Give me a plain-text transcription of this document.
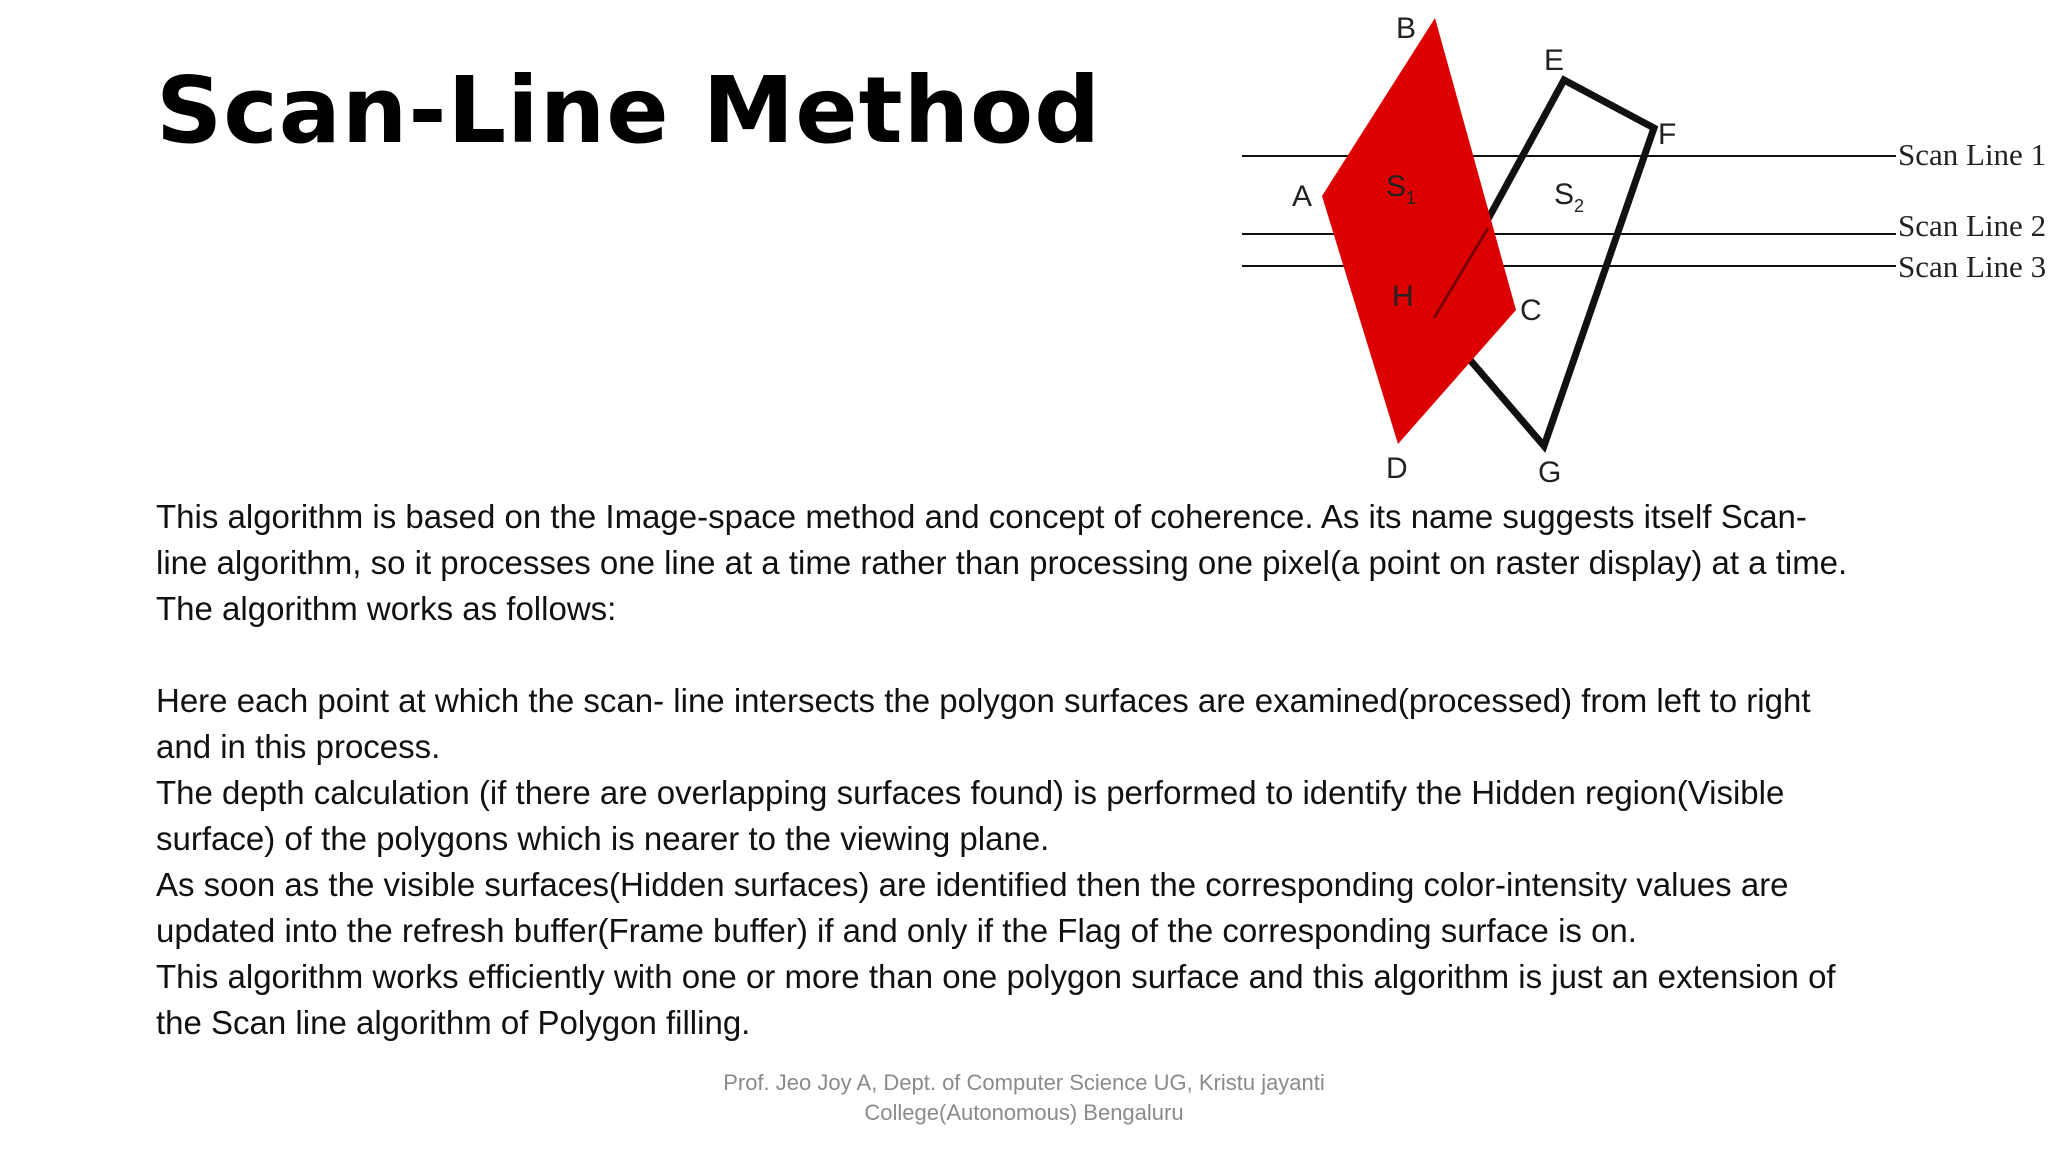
Scan-Line Method
B
E
F
A
H	C
D	G
$S_1$	$S_2$
Scan Line 1
Scan Line 2
Scan Line 3

This algorithm is based on the Image-space method and concept of coherence. As its name suggests itself Scan-line algorithm, so it processes one line at a time rather than processing one pixel(a point on raster display) at a time. The algorithm works as follows:

Here each point at which the scan- line intersects the polygon surfaces are examined(processed) from left to right and in this process.

The depth calculation (if there are overlapping surfaces found) is performed to identify the Hidden region(Visible surface) of the polygons which is nearer to the viewing plane.

As soon as the visible surfaces(Hidden surfaces) are identified then the corresponding color-intensity values are updated into the refresh buffer(Frame buffer) if and only if the Flag of the corresponding surface is on.

This algorithm works efficiently with one or more than one polygon surface and this algorithm is just an extension of the Scan line algorithm of Polygon filling.

Prof. Jeo Joy A, Dept. of Computer Science UG, Kristu jayanti
College(Autonomous) Bengaluru
